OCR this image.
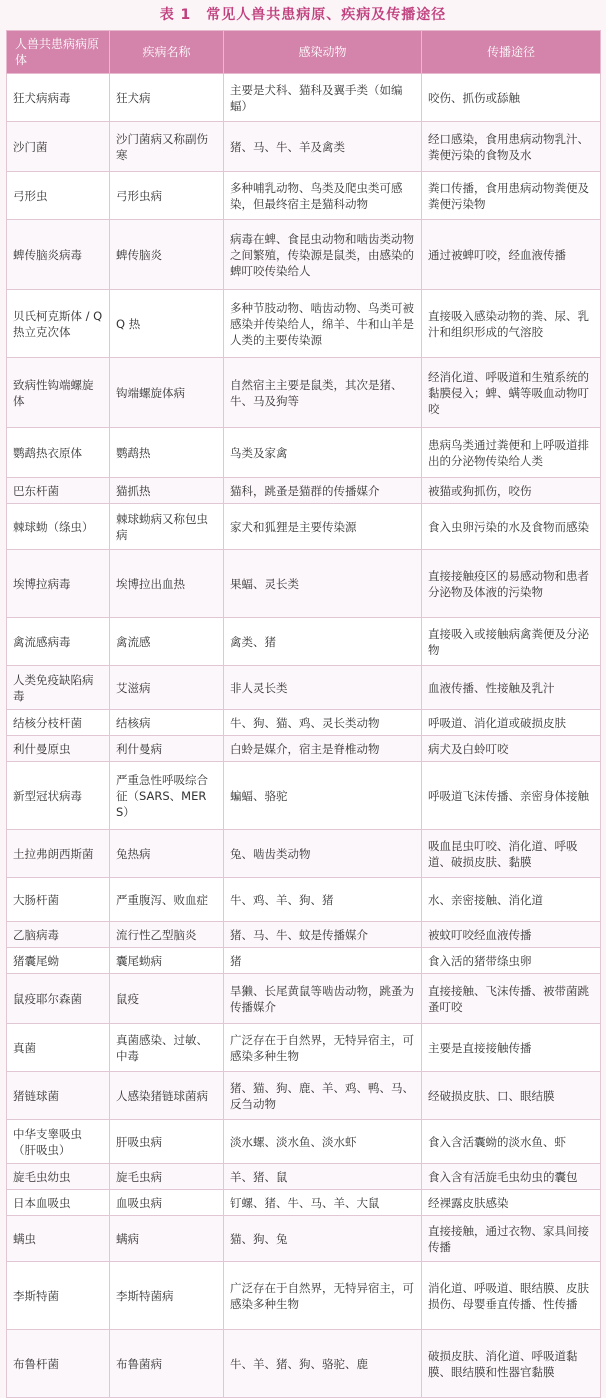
表 1　常见人兽共患病原、疾病及传播途径
人兽共患病病原体	疾病名称	感染动物	传播途径
狂犬病病毒	狂犬病	主要是犬科、猫科及翼手类（如编蝠）	咬伤、抓伤或舔触
沙门菌	沙门菌病又称副伤寒	猪、马、牛、羊及禽类	经口感染，食用患病动物乳汁、粪便污染的食物及水
弓形虫	弓形虫病	多种哺乳动物、鸟类及爬虫类可感染，但最终宿主是猫科动物	粪口传播，食用患病动物粪便及粪便污染物
蜱传脑炎病毒	蜱传脑炎	病毒在蜱、食昆虫动物和啮齿类动物之间繁殖，传染源是鼠类，由感染的蜱叮咬传染给人	通过被蜱叮咬，经血液传播
贝氏柯克斯体 / Q 热立克次体	Q 热	多种节肢动物、啮齿动物、鸟类可被感染并传染给人，绵羊、牛和山羊是人类的主要传染源	直接吸入感染动物的粪、尿、乳汁和组织形成的气溶胶
致病性钩端螺旋体	钩端螺旋体病	自然宿主主要是鼠类，其次是猪、牛、马及狗等	经消化道、呼吸道和生殖系统的黏膜侵入；蜱、螨等吸血动物叮咬
鹦鹉热衣原体	鹦鹉热	鸟类及家禽	患病鸟类通过粪便和上呼吸道排出的分泌物传染给人类
巴东杆菌	猫抓热	猫科，跳蚤是猫群的传播媒介	被猫或狗抓伤，咬伤
棘球蚴（绦虫）	棘球蚴病又称包虫病	家犬和狐狸是主要传染源	食入虫卵污染的水及食物而感染
埃博拉病毒	埃博拉出血热	果蝠、灵长类	直接接触疫区的易感动物和患者分泌物及体液的污染物
禽流感病毒	禽流感	禽类、猪	直接吸入或接触病禽粪便及分泌物
人类免疫缺陷病毒	艾滋病	非人灵长类	血液传播、性接触及乳汁
结核分枝杆菌	结核病	牛、狗、猫、鸡、灵长类动物	呼吸道、消化道或破损皮肤
利什曼原虫	利什曼病	白蛉是媒介，宿主是脊椎动物	病犬及白蛉叮咬
新型冠状病毒	严重急性呼吸综合征（SARS、MERS）	蝙蝠、骆驼	呼吸道飞沫传播、亲密身体接触
土拉弗朗西斯菌	兔热病	兔、啮齿类动物	吸血昆虫叮咬、消化道、呼吸道、破损皮肤、黏膜
大肠杆菌	严重腹泻、败血症	牛、鸡、羊、狗、猪	水、亲密接触、消化道
乙脑病毒	流行性乙型脑炎	猪、马、牛、蚊是传播媒介	被蚊叮咬经血液传播
猪囊尾蚴	囊尾蚴病	猪	食入活的猪带绦虫卵
鼠疫耶尔森菌	鼠疫	旱獭、长尾黄鼠等啮齿动物，跳蚤为传播媒介	直接接触、飞沫传播、被带菌跳蚤叮咬
真菌	真菌感染、过敏、中毒	广泛存在于自然界，无特异宿主，可感染多种生物	主要是直接接触传播
猪链球菌	人感染猪链球菌病	猪、猫、狗、鹿、羊、鸡、鸭、马、反刍动物	经破损皮肤、口、眼结膜
中华支睾吸虫（肝吸虫）	肝吸虫病	淡水螺、淡水鱼、淡水虾	食入含活囊蚴的淡水鱼、虾
旋毛虫幼虫	旋毛虫病	羊、猪、鼠	食入含有活旋毛虫幼虫的囊包
日本血吸虫	血吸虫病	钉螺、猪、牛、马、羊、大鼠	经裸露皮肤感染
螨虫	螨病	猫、狗、兔	直接接触，通过衣物、家具间接传播
李斯特菌	李斯特菌病	广泛存在于自然界，无特异宿主，可感染多种生物	消化道、呼吸道、眼结膜、皮肤损伤、母婴垂直传播、性传播
布鲁杆菌	布鲁菌病	牛、羊、猪、狗、骆驼、鹿	破损皮肤、消化道、呼吸道黏膜、眼结膜和性器官黏膜
